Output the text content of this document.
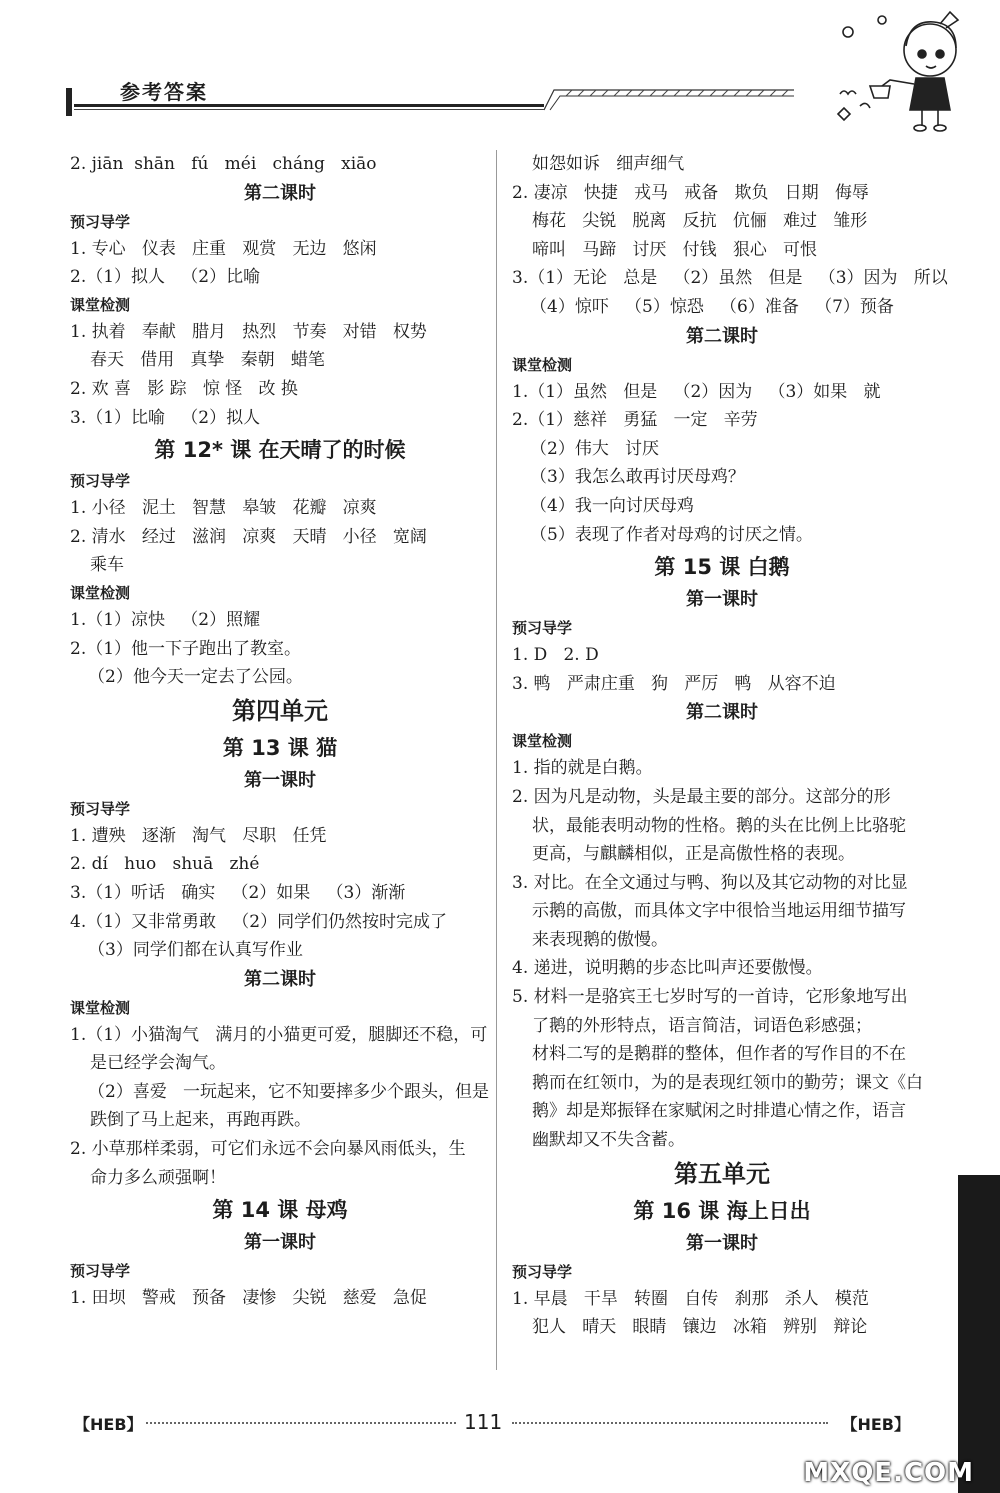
参考答案
2. jiān  shān   fú   méi   cháng   xiāo
第二课时
预习导学
1. 专心   仪表   庄重   观赏   无边   悠闲
2.（1）拟人   （2）比喻
课堂检测
1. 执着   奉献   腊月   热烈   节奏   对错   权势
春天   借用   真挚   秦朝   蜡笔
2. 欢 喜   影 踪   惊 怪   改 换
3.（1）比喻   （2）拟人
第 12* 课 在天晴了的时候
预习导学
1. 小径   泥土   智慧   皋皱   花瓣   凉爽
2. 清水   经过   滋润   凉爽   天晴   小径   宽阔
乘车
课堂检测
1.（1）凉快   （2）照耀
2.（1）他一下子跑出了教室。
（2）他今天一定去了公园。
第四单元
第 13 课 猫
第一课时
预习导学
1. 遭殃   逐渐   淘气   尽职   任凭
2. dí   huo   shuā   zhé
3.（1）听话   确实   （2）如果   （3）渐渐
4.（1）又非常勇敢   （2）同学们仍然按时完成了
（3）同学们都在认真写作业
第二课时
课堂检测
1.（1）小猫淘气   满月的小猫更可爱，腿脚还不稳，可
是已经学会淘气。
（2）喜爱   一玩起来，它不知要摔多少个跟头，但是
跌倒了马上起来，再跑再跌。
2. 小草那样柔弱，可它们永远不会向暴风雨低头，生
命力多么顽强啊！
第 14 课 母鸡
第一课时
预习导学
1. 田坝   警戒   预备   凄惨   尖锐   慈爱   急促
如怨如诉   细声细气
2. 凄凉   快捷   戎马   戒备   欺负   日期   侮辱
梅花   尖锐   脱离   反抗   伉俪   难过   雏形
啼叫   马蹄   讨厌   付钱   狠心   可恨
3.（1）无论   总是   （2）虽然   但是   （3）因为   所以
（4）惊吓   （5）惊恐   （6）准备   （7）预备
第二课时
课堂检测
1.（1）虽然   但是   （2）因为   （3）如果   就
2.（1）慈祥   勇猛   一定   辛劳
（2）伟大   讨厌
（3）我怎么敢再讨厌母鸡？
（4）我一向讨厌母鸡
（5）表现了作者对母鸡的讨厌之情。
第 15 课 白鹅
第一课时
预习导学
1. D   2. D
3. 鸭   严肃庄重   狗   严厉   鸭   从容不迫
第二课时
课堂检测
1. 指的就是白鹅。
2. 因为凡是动物，头是最主要的部分。这部分的形
状，最能表明动物的性格。鹅的头在比例上比骆驼
更高，与麒麟相似，正是高傲性格的表现。
3. 对比。在全文通过与鸭、狗以及其它动物的对比显
示鹅的高傲，而具体文字中很恰当地运用细节描写
来表现鹅的傲慢。
4. 递进，说明鹅的步态比叫声还要傲慢。
5. 材料一是骆宾王七岁时写的一首诗，它形象地写出
了鹅的外形特点，语言简洁，词语色彩感强；
材料二写的是鹅群的整体，但作者的写作目的不在
鹅而在红领巾，为的是表现红领巾的勤劳；课文《白
鹅》却是郑振铎在家赋闲之时排遣心情之作，语言
幽默却又不失含蓄。
第五单元
第 16 课 海上日出
第一课时
预习导学
1. 早晨   干旱   转圈   自传   刹那   杀人   模范
犯人   晴天   眼睛   镶边   冰箱   辨别   辩论
【HEB】	111	【HEB】
MXQE.COM
